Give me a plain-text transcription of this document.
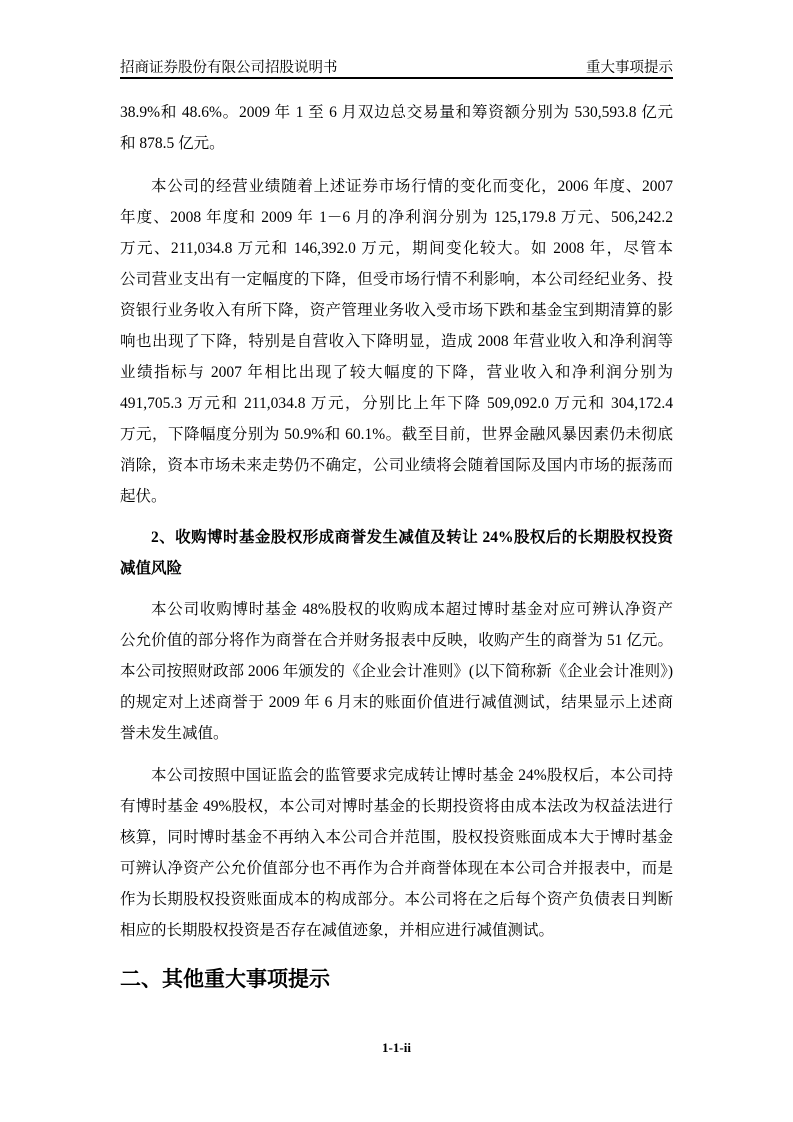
招商证券股份有限公司招股说明书	重大事项提示
38.9%和 48.6%。2009 年 1 至 6 月双边总交易量和筹资额分别为 530,593.8 亿元
和 878.5 亿元。
本公司的经营业绩随着上述证券市场行情的变化而变化，2006 年度、2007
年度、2008 年度和 2009 年 1－6 月的净利润分别为 125,179.8 万元、506,242.2
万元、211,034.8 万元和 146,392.0 万元，期间变化较大。如 2008 年，尽管本
公司营业支出有一定幅度的下降，但受市场行情不利影响，本公司经纪业务、投
资银行业务收入有所下降，资产管理业务收入受市场下跌和基金宝到期清算的影
响也出现了下降，特别是自营收入下降明显，造成 2008 年营业收入和净利润等
业绩指标与 2007 年相比出现了较大幅度的下降，营业收入和净利润分别为
491,705.3 万元和 211,034.8 万元，分别比上年下降 509,092.0 万元和 304,172.4
万元，下降幅度分别为 50.9%和 60.1%。截至目前，世界金融风暴因素仍未彻底
消除，资本市场未来走势仍不确定，公司业绩将会随着国际及国内市场的振荡而
起伏。
2、收购博时基金股权形成商誉发生减值及转让 24%股权后的长期股权投资
减值风险
本公司收购博时基金 48%股权的收购成本超过博时基金对应可辨认净资产
公允价值的部分将作为商誉在合并财务报表中反映，收购产生的商誉为 51 亿元。
本公司按照财政部 2006 年颁发的《企业会计准则》(以下简称新《企业会计准则》)
的规定对上述商誉于 2009 年 6 月末的账面价值进行减值测试，结果显示上述商
誉未发生减值。
本公司按照中国证监会的监管要求完成转让博时基金 24%股权后，本公司持
有博时基金 49%股权，本公司对博时基金的长期投资将由成本法改为权益法进行
核算，同时博时基金不再纳入本公司合并范围，股权投资账面成本大于博时基金
可辨认净资产公允价值部分也不再作为合并商誉体现在本公司合并报表中，而是
作为长期股权投资账面成本的构成部分。本公司将在之后每个资产负债表日判断
相应的长期股权投资是否存在减值迹象，并相应进行减值测试。
二、其他重大事项提示
1-1-ii
